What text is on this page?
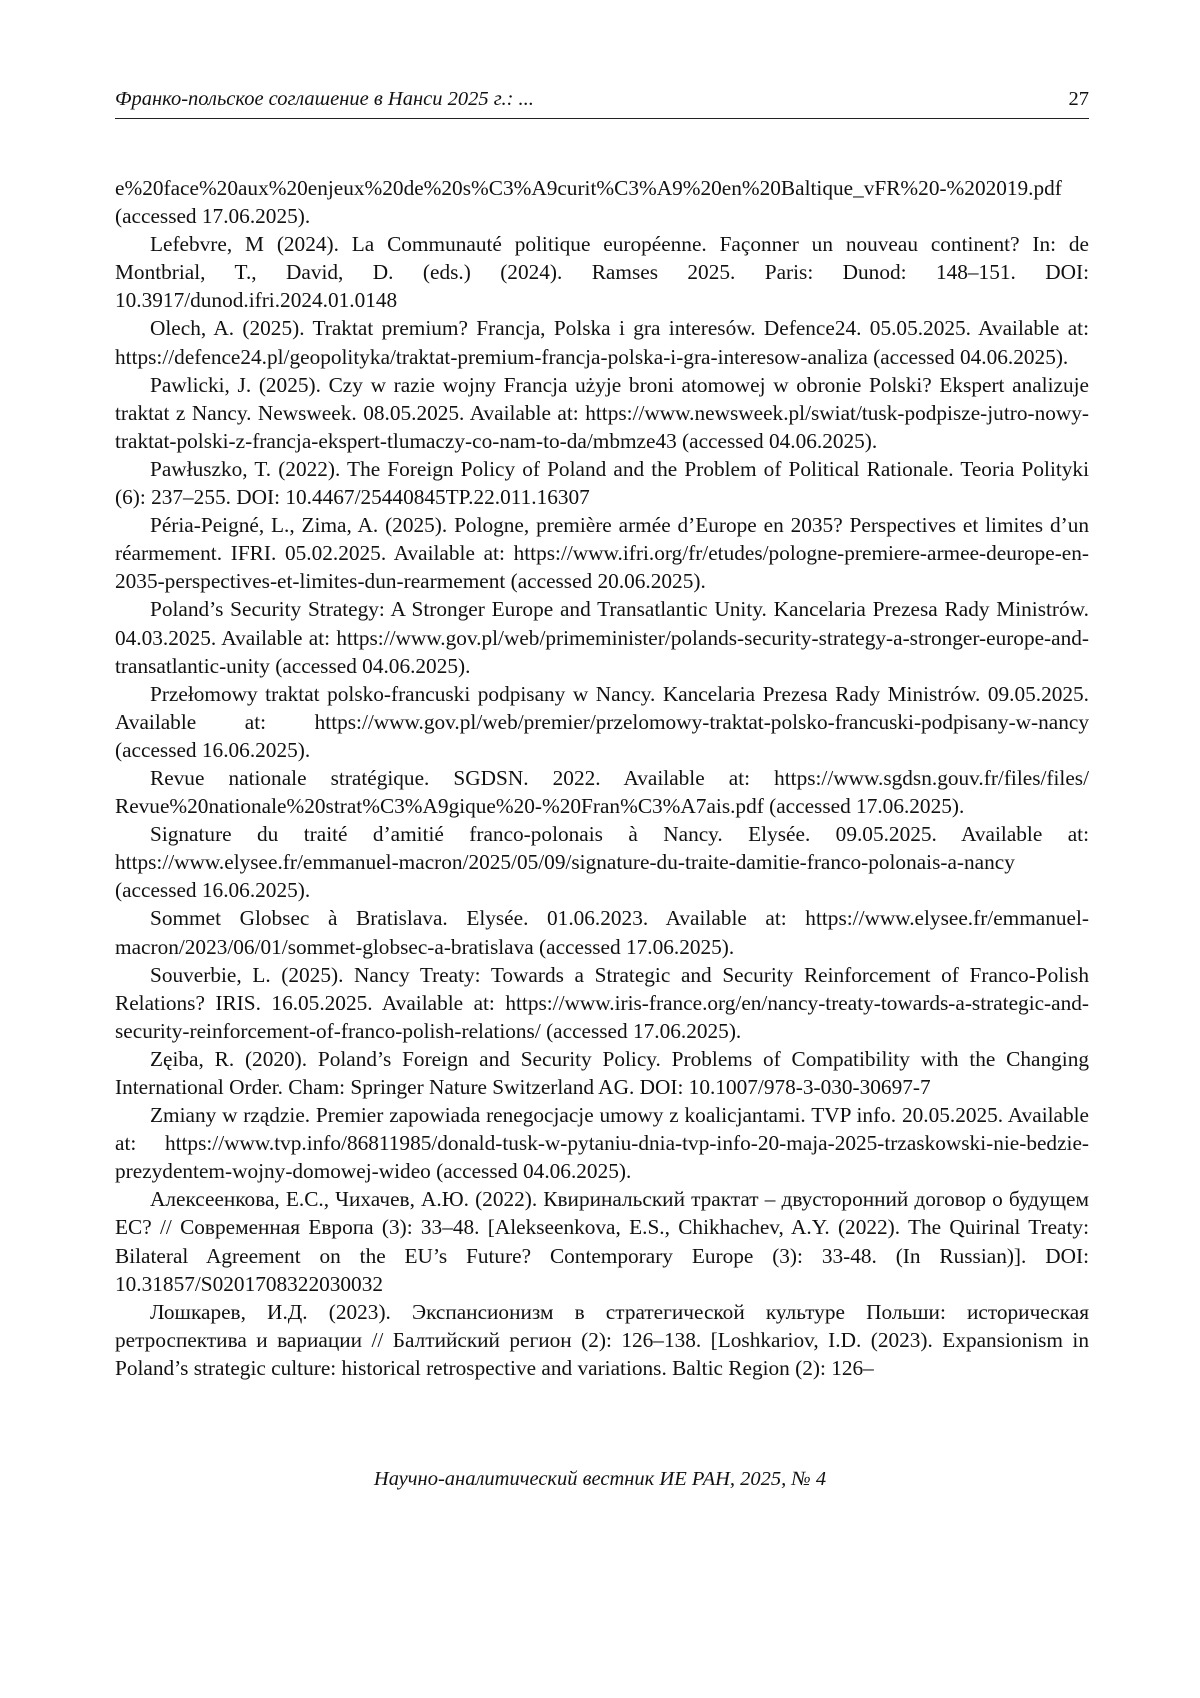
Франко-польское соглашение в Нанси 2025 г.: ...	27

e%20face%20aux%20enjeux%20de%20s%C3%A9curit%C3%A9%20en%20Baltique_vFR%20-%202019.pdf (accessed 17.06.2025).

Lefebvre, M (2024). La Communauté politique européenne. Façonner un nouveau continent? In: de Montbrial, T., David, D. (eds.) (2024). Ramses 2025. Paris: Dunod: 148–151. DOI: 10.3917/dunod.ifri.2024.01.0148

Olech, A. (2025). Traktat premium? Francja, Polska i gra interesów. Defence24. 05.05.2025. Available at: https://defence24.pl/geopolityka/traktat-premium-francja-polska-i-gra-interesow-analiza (accessed 04.06.2025).

Pawlicki, J. (2025). Czy w razie wojny Francja użyje broni atomowej w obronie Polski? Ekspert analizuje traktat z Nancy. Newsweek. 08.05.2025. Available at: https://www.newsweek.pl/swiat/tusk-podpisze-jutro-nowy-traktat-polski-z-francja-ekspert-tlumaczy-co-nam-to-da/mbmze43 (accessed 04.06.2025).

Pawłuszko, T. (2022). The Foreign Policy of Poland and the Problem of Political Rationale. Teoria Polityki (6): 237–255. DOI: 10.4467/25440845TP.22.011.16307

Péria-Peigné, L., Zima, A. (2025). Pologne, première armée d’Europe en 2035? Perspectives et limites d’un réarmement. IFRI. 05.02.2025. Available at: https://www.ifri.org/fr/etudes/pologne-premiere-armee-deurope-en-2035-perspectives-et-limites-dun-rearmement (accessed 20.06.2025).

Poland’s Security Strategy: A Stronger Europe and Transatlantic Unity. Kancelaria Prezesa Rady Ministrów. 04.03.2025. Available at: https://www.gov.pl/web/primeminister/polands-security-strategy-a-stronger-europe-and-transatlantic-unity (accessed 04.06.2025).

Przełomowy traktat polsko-francuski podpisany w Nancy. Kancelaria Prezesa Rady Ministrów. 09.05.2025. Available at: https://www.gov.pl/web/premier/przelomowy-traktat-polsko-francuski-podpisany-w-nancy (accessed 16.06.2025).

Revue nationale stratégique. SGDSN. 2022. Available at: https://www.sgdsn.gouv.fr/files/files/ Revue%20nationale%20strat%C3%A9gique%20-%20Fran%C3%A7ais.pdf (accessed 17.06.2025).

Signature du traité d’amitié franco-polonais à Nancy. Elysée. 09.05.2025. Available at: https://www.elysee.fr/emmanuel-macron/2025/05/09/signature-du-traite-damitie-franco-polonais-a-nancy (accessed 16.06.2025).

Sommet Globsec à Bratislava. Elysée. 01.06.2023. Available at: https://www.elysee.fr/emmanuel-macron/2023/06/01/sommet-globsec-a-bratislava (accessed 17.06.2025).

Souverbie, L. (2025). Nancy Treaty: Towards a Strategic and Security Reinforcement of Franco-Polish Relations? IRIS. 16.05.2025. Available at: https://www.iris-france.org/en/nancy-treaty-towards-a-strategic-and-security-reinforcement-of-franco-polish-relations/ (accessed 17.06.2025).

Zęiba, R. (2020). Poland’s Foreign and Security Policy. Problems of Compatibility with the Changing International Order. Cham: Springer Nature Switzerland AG. DOI: 10.1007/978-3-030-30697-7

Zmiany w rządzie. Premier zapowiada renegocjacje umowy z koalicjantami. TVP info. 20.05.2025. Available at: https://www.tvp.info/86811985/donald-tusk-w-pytaniu-dnia-tvp-info-20-maja-2025-trzaskowski-nie-bedzie-prezydentem-wojny-domowej-wideo (accessed 04.06.2025).

Алексеенкова, Е.С., Чихачев, А.Ю. (2022). Квиринальский трактат – двусторонний договор о будущем ЕС? // Современная Европа (3): 33–48. [Alekseenkova, E.S., Chikhachev, A.Y. (2022). The Quirinal Treaty: Bilateral Agreement on the EU’s Future? Contemporary Europe (3): 33-48. (In Russian)]. DOI: 10.31857/S0201708322030032

Лошкарев, И.Д. (2023). Экспансионизм в стратегической культуре Польши: историческая ретроспектива и вариации // Балтийский регион (2): 126–138. [Loshkariov, I.D. (2023). Expansionism in Poland’s strategic culture: historical retrospective and variations. Baltic Region (2): 126–

Научно-аналитический вестник ИЕ РАН, 2025, № 4
